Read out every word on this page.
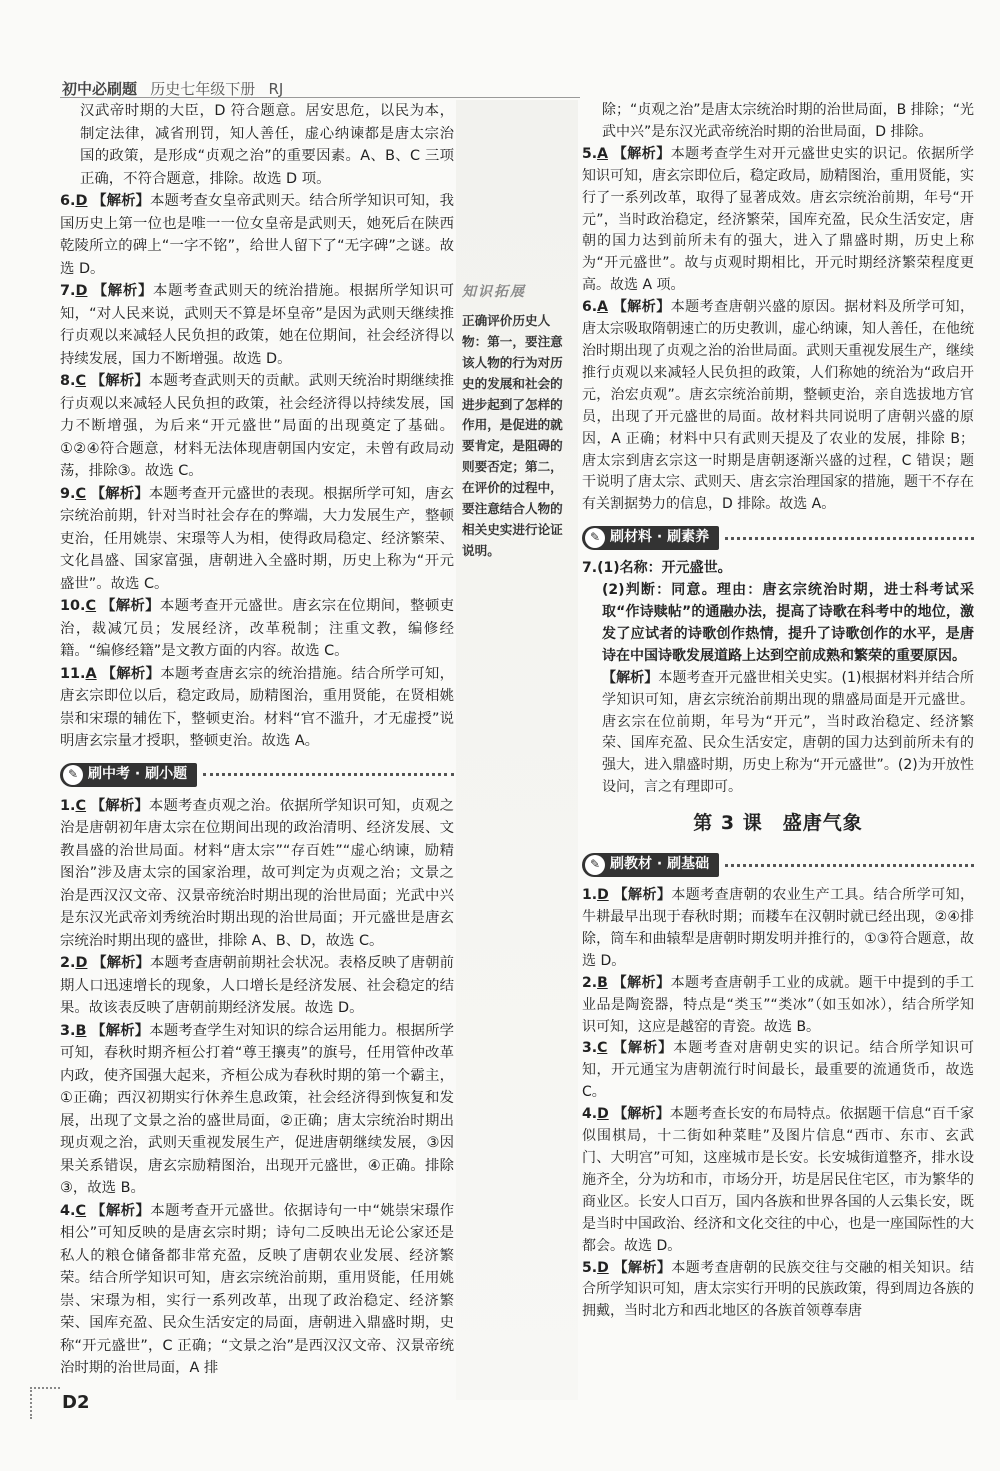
初中必刷题 历史七年级下册 RJ

汉武帝时期的大臣，D 符合题意。居安思危，以民为本，制定法律，减省刑罚，知人善任，虚心纳谏都是唐太宗治国的政策，是形成“贞观之治”的重要因素。A、B、C 三项正确，不符合题意，排除。故选 D 项。

6.D 【解析】本题考查女皇帝武则天。结合所学知识可知，我国历史上第一位也是唯一一位女皇帝是武则天，她死后在陕西乾陵所立的碑上“一字不铭”，给世人留下了“无字碑”之谜。故选 D。

7.D 【解析】本题考查武则天的统治措施。根据所学知识可知，“对人民来说，武则天不算是坏皇帝”是因为武则天继续推行贞观以来减轻人民负担的政策，她在位期间，社会经济得以持续发展，国力不断增强。故选 D。

8.C 【解析】本题考查武则天的贡献。武则天统治时期继续推行贞观以来减轻人民负担的政策，社会经济得以持续发展，国力不断增强，为后来“开元盛世”局面的出现奠定了基础。①②④符合题意，材料无法体现唐朝国内安定，未曾有政局动荡，排除③。故选 C。

9.C 【解析】本题考查开元盛世的表现。根据所学可知，唐玄宗统治前期，针对当时社会存在的弊端，大力发展生产，整顿吏治，任用姚崇、宋璟等人为相，使得政局稳定、经济繁荣、文化昌盛、国家富强，唐朝进入全盛时期，历史上称为“开元盛世”。故选 C。

10.C 【解析】本题考查开元盛世。唐玄宗在位期间，整顿吏治，裁减冗员；发展经济，改革税制；注重文教，编修经籍。“编修经籍”是文教方面的内容。故选 C。

11.A 【解析】本题考查唐玄宗的统治措施。结合所学可知，唐玄宗即位以后，稳定政局，励精图治，重用贤能，在贤相姚崇和宋璟的辅佐下，整顿吏治。材料“官不滥升，才无虚授”说明唐玄宗量才授职，整顿吏治。故选 A。

✎ 刷中考 · 刷小题

1.C 【解析】本题考查贞观之治。依据所学知识可知，贞观之治是唐朝初年唐太宗在位期间出现的政治清明、经济发展、文教昌盛的治世局面。材料“唐太宗”“存百姓”“虚心纳谏，励精图治”涉及唐太宗的国家治理，故可判定为贞观之治；文景之治是西汉汉文帝、汉景帝统治时期出现的治世局面；光武中兴是东汉光武帝刘秀统治时期出现的治世局面；开元盛世是唐玄宗统治时期出现的盛世，排除 A、B、D，故选 C。

2.D 【解析】本题考查唐朝前期社会状况。表格反映了唐朝前期人口迅速增长的现象，人口增长是经济发展、社会稳定的结果。故该表反映了唐朝前期经济发展。故选 D。

3.B 【解析】本题考查学生对知识的综合运用能力。根据所学可知，春秋时期齐桓公打着“尊王攘夷”的旗号，任用管仲改革内政，使齐国强大起来，齐桓公成为春秋时期的第一个霸主，①正确；西汉初期实行休养生息政策，社会经济得到恢复和发展，出现了文景之治的盛世局面，②正确；唐太宗统治时期出现贞观之治，武则天重视发展生产，促进唐朝继续发展，③因果关系错误，唐玄宗励精图治，出现开元盛世，④正确。排除③，故选 B。

4.C 【解析】本题考查开元盛世。依据诗句一中“姚崇宋璟作相公”可知反映的是唐玄宗时期；诗句二反映出无论公家还是私人的粮仓储备都非常充盈，反映了唐朝农业发展、经济繁荣。结合所学知识可知，唐玄宗统治前期，重用贤能，任用姚崇、宋璟为相，实行一系列改革，出现了政治稳定、经济繁荣、国库充盈、民众生活安定的局面，唐朝进入鼎盛时期，史称“开元盛世”，C 正确；“文景之治”是西汉汉文帝、汉景帝统治时期的治世局面，A 排

知识拓展
正确评价历史人物：第一，要注意该人物的行为对历史的发展和社会的进步起到了怎样的作用，是促进的就要肯定，是阻碍的则要否定；第二，在评价的过程中，要注意结合人物的相关史实进行论证说明。

除；“贞观之治”是唐太宗统治时期的治世局面，B 排除；“光武中兴”是东汉光武帝统治时期的治世局面，D 排除。

5.A 【解析】本题考查学生对开元盛世史实的识记。依据所学知识可知，唐玄宗即位后，稳定政局，励精图治，重用贤能，实行了一系列改革，取得了显著成效。唐玄宗统治前期，年号“开元”，当时政治稳定，经济繁荣，国库充盈，民众生活安定，唐朝的国力达到前所未有的强大，进入了鼎盛时期，历史上称为“开元盛世”。故与贞观时期相比，开元时期经济繁荣程度更高。故选 A 项。

6.A 【解析】本题考查唐朝兴盛的原因。据材料及所学可知，唐太宗吸取隋朝速亡的历史教训，虚心纳谏，知人善任，在他统治时期出现了贞观之治的治世局面。武则天重视发展生产，继续推行贞观以来减轻人民负担的政策，人们称她的统治为“政启开元，治宏贞观”。唐玄宗统治前期，整顿吏治，亲自选拔地方官员，出现了开元盛世的局面。故材料共同说明了唐朝兴盛的原因，A 正确；材料中只有武则天提及了农业的发展，排除 B；唐太宗到唐玄宗这一时期是唐朝逐渐兴盛的过程，C 错误；题干说明了唐太宗、武则天、唐玄宗治理国家的措施，题干不存在有关割据势力的信息，D 排除。故选 A。

✎ 刷材料 · 刷素养

7.(1)名称：开元盛世。

(2)判断：同意。理由：唐玄宗统治时期，进士科考试采取“作诗赎帖”的通融办法，提高了诗歌在科考中的地位，激发了应试者的诗歌创作热情，提升了诗歌创作的水平，是唐诗在中国诗歌发展道路上达到空前成熟和繁荣的重要原因。

【解析】本题考查开元盛世相关史实。(1)根据材料并结合所学知识可知，唐玄宗统治前期出现的鼎盛局面是开元盛世。唐玄宗在位前期，年号为“开元”，当时政治稳定、经济繁荣、国库充盈、民众生活安定，唐朝的国力达到前所未有的强大，进入鼎盛时期，历史上称为“开元盛世”。(2)为开放性设问，言之有理即可。

第 3 课　盛唐气象
✎ 刷教材 · 刷基础

1.D 【解析】本题考查唐朝的农业生产工具。结合所学可知，牛耕最早出现于春秋时期；而耧车在汉朝时就已经出现，②④排除，筒车和曲辕犁是唐朝时期发明并推行的，①③符合题意，故选 D。

2.B 【解析】本题考查唐朝手工业的成就。题干中提到的手工业品是陶瓷器，特点是“类玉”“类冰”（如玉如冰），结合所学知识可知，这应是越窑的青瓷。故选 B。

3.C 【解析】本题考查对唐朝史实的识记。结合所学知识可知，开元通宝为唐朝流行时间最长，最重要的流通货币，故选 C。

4.D 【解析】本题考查长安的布局特点。依据题干信息“百千家似围棋局，十二街如种菜畦”及图片信息“西市、东市、玄武门、大明宫”可知，这座城市是长安。长安城街道整齐，排水设施齐全，分为坊和市，市场分开，坊是居民住宅区，市为繁华的商业区。长安人口百万，国内各族和世界各国的人云集长安，既是当时中国政治、经济和文化交往的中心，也是一座国际性的大都会。故选 D。

5.D 【解析】本题考查唐朝的民族交往与交融的相关知识。结合所学知识可知，唐太宗实行开明的民族政策，得到周边各族的拥戴，当时北方和西北地区的各族首领尊奉唐

D2
